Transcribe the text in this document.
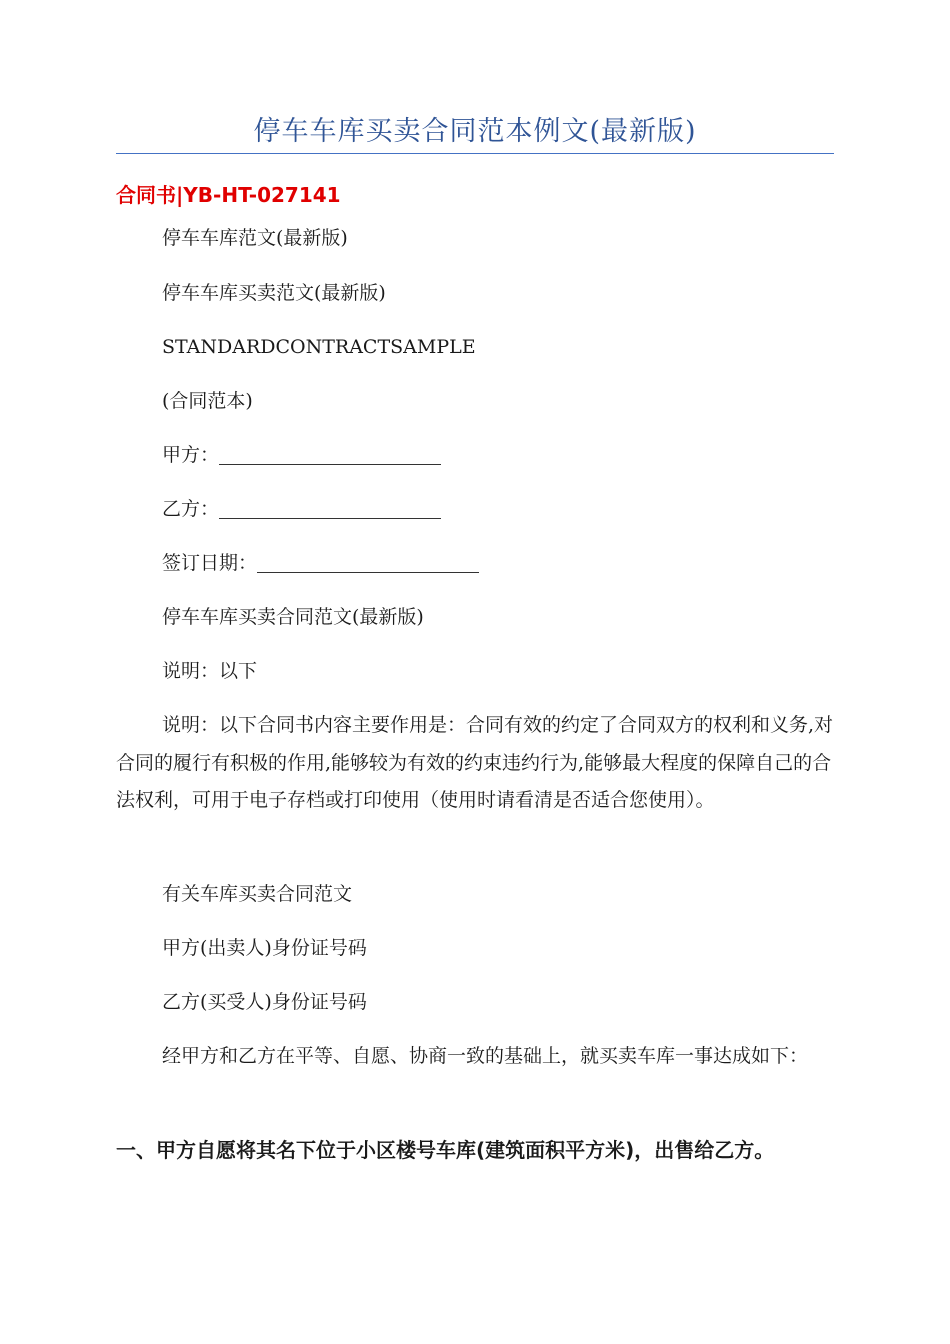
停车车库买卖合同范本例文(最新版)
合同书|YB-HT-027141
停车车库范文(最新版)
停车车库买卖范文(最新版)
STANDARDCONTRACTSAMPLE
(合同范本)
甲方：
乙方：
签订日期：
停车车库买卖合同范文(最新版)
说明：以下
说明：以下合同书内容主要作用是：合同有效的约定了合同双方的权利和义务,对合同的履行有积极的作用,能够较为有效的约束违约行为,能够最大程度的保障自己的合法权利，可用于电子存档或打印使用（使用时请看清是否适合您使用）。
有关车库买卖合同范文
甲方(出卖人)身份证号码
乙方(买受人)身份证号码
经甲方和乙方在平等、自愿、协商一致的基础上，就买卖车库一事达成如下：
一、甲方自愿将其名下位于小区楼号车库(建筑面积平方米)，出售给乙方。
